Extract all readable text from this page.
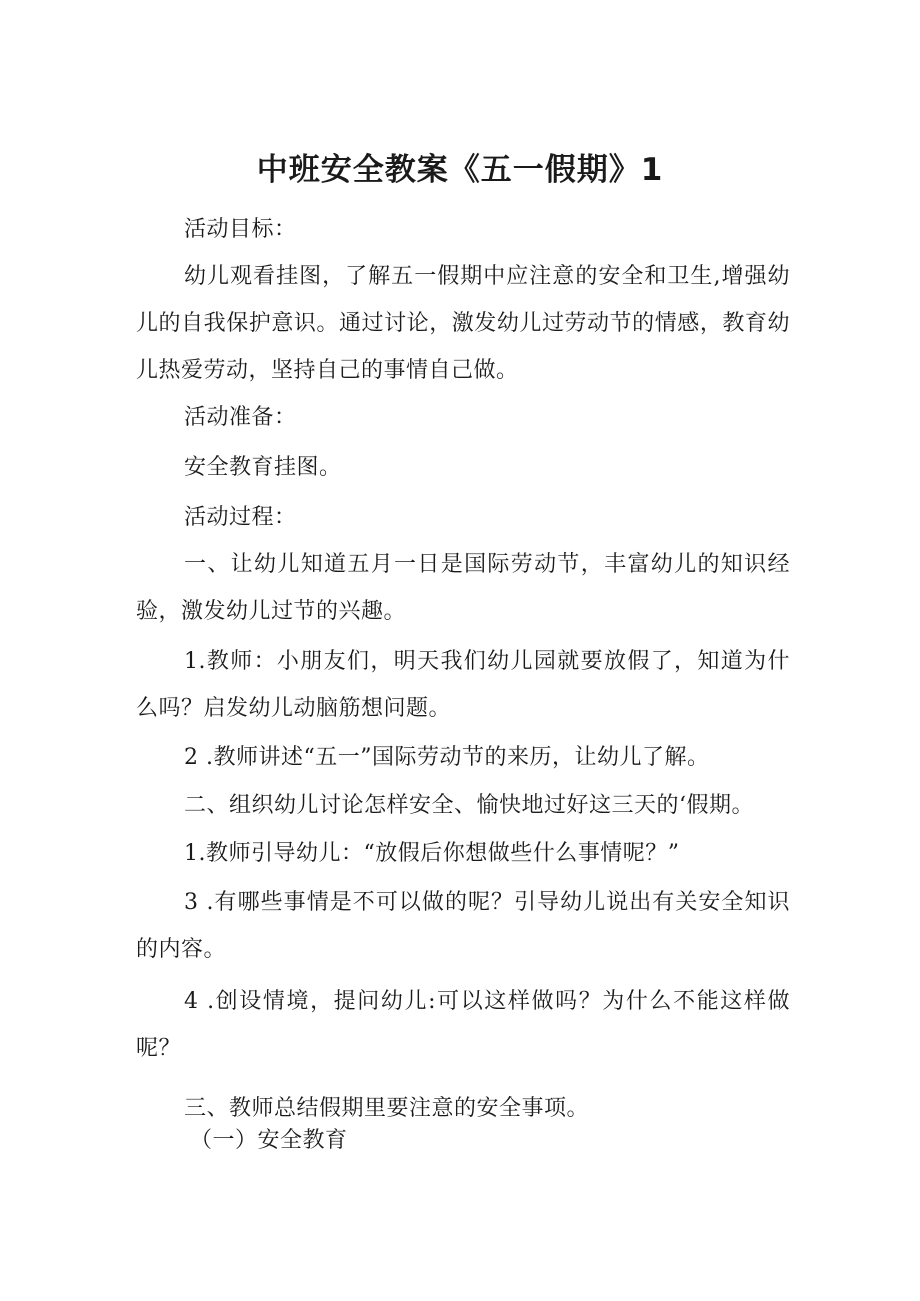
中班安全教案《五一假期》1

活动目标：

幼儿观看挂图，了解五一假期中应注意的安全和卫生,增强幼儿的自我保护意识。通过讨论，激发幼儿过劳动节的情感，教育幼儿热爱劳动，坚持自己的事情自己做。

活动准备：

安全教育挂图。

活动过程：

一、让幼儿知道五月一日是国际劳动节，丰富幼儿的知识经验，激发幼儿过节的兴趣。

1.教师：小朋友们，明天我们幼儿园就要放假了，知道为什么吗？启发幼儿动脑筋想问题。

2 .教师讲述“五一”国际劳动节的来历，让幼儿了解。

二、组织幼儿讨论怎样安全、愉快地过好这三天的‘假期。

1.教师引导幼儿：“放假后你想做些什么事情呢？”

3 .有哪些事情是不可以做的呢？引导幼儿说出有关安全知识的内容。

4 .创设情境，提问幼儿:可以这样做吗？为什么不能这样做呢？

三、教师总结假期里要注意的安全事项。

（一）安全教育
